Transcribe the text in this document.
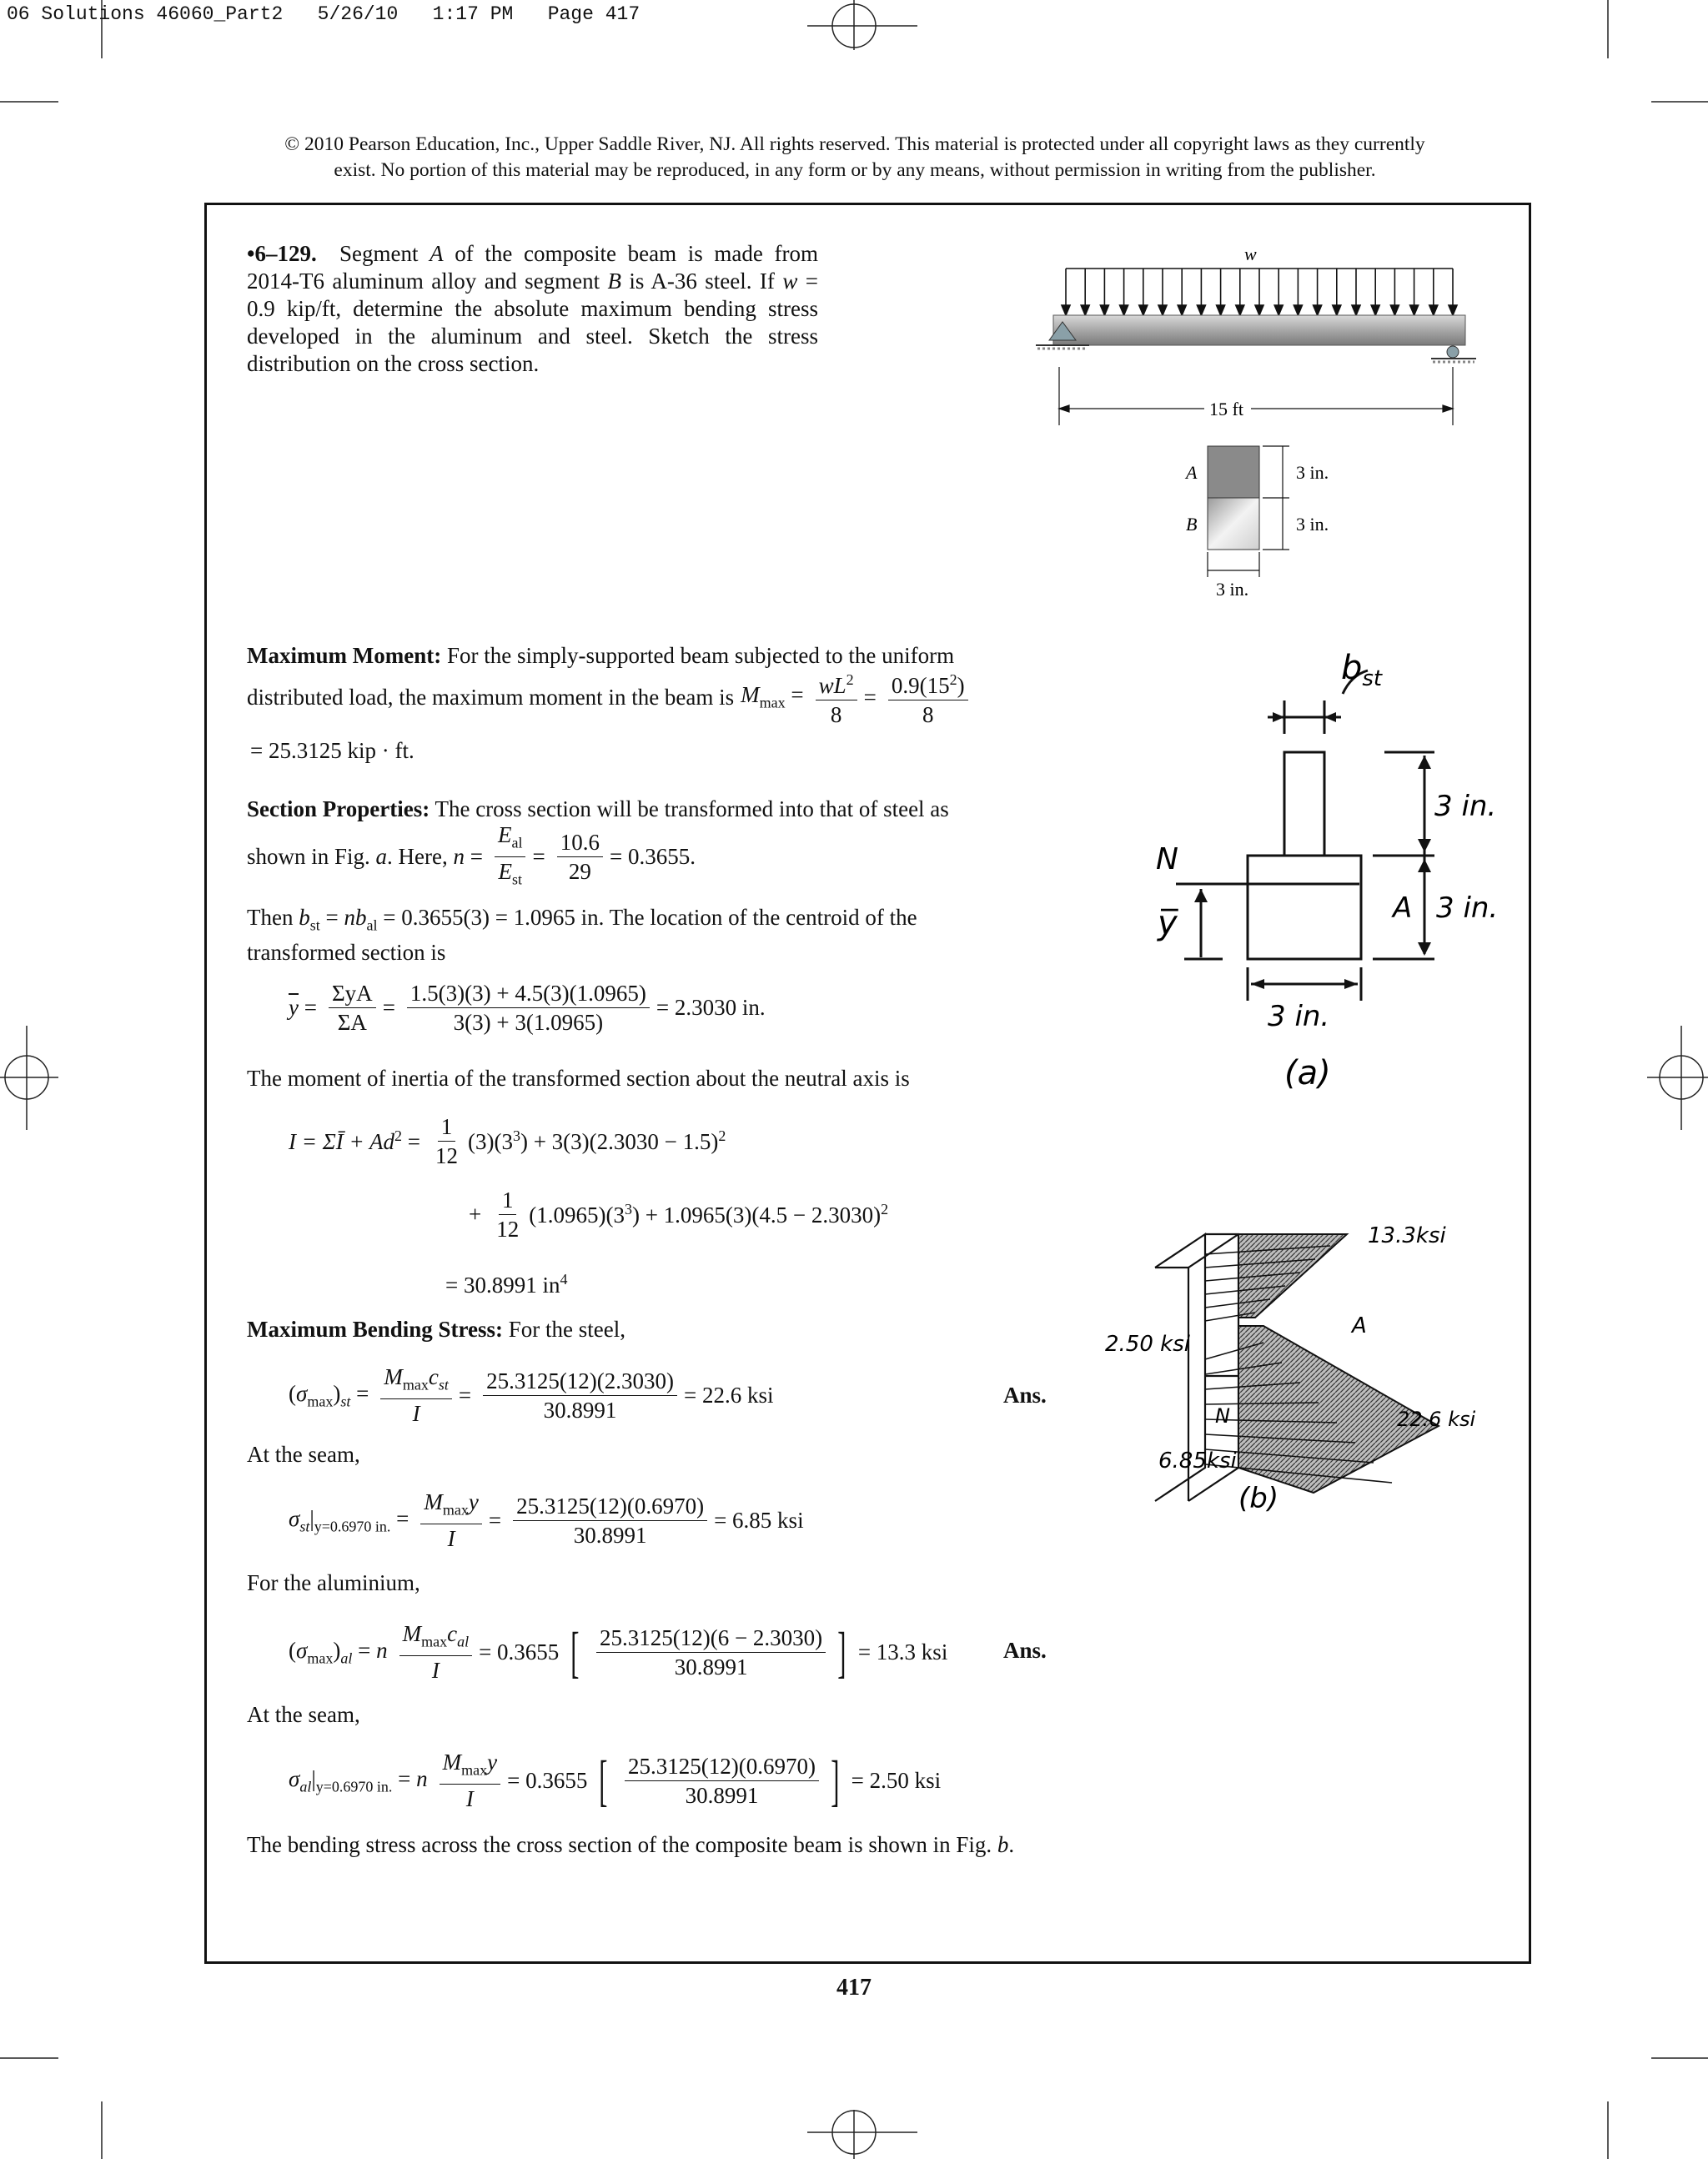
06 Solutions 46060_Part2   5/26/10   1:17 PM   Page 417
© 2010 Pearson Education, Inc., Upper Saddle River, NJ. All rights reserved. This material is protected under all copyright laws as they currently
exist. No portion of this material may be reproduced, in any form or by any means, without permission in writing from the publisher.
•6–129. Segment A of the composite beam is made from 2014-T6 aluminum alloy and segment B is A-36 steel. If w = 0.9 kip/ft, determine the absolute maximum bending stress developed in the aluminum and steel. Sketch the stress distribution on the cross section.
w
15 ft
A
B
3 in.
3 in.
3 in.
Maximum Moment: For the simply-supported beam subjected to the uniform
distributed load, the maximum moment in the beam is $M_{max} = \frac{wL^2}{8} = \frac{0.9(15^2)}{8}$
= 25.3125 kip · ft.
Section Properties: The cross section will be transformed into that of steel as
shown in Fig. a. Here, $n = \frac{E_{al}}{E_{st}} = \frac{10.6}{29} = 0.3655$.
Then $b_{st} = nb_{al} = 0.3655(3) = 1.0965$ in. The location of the centroid of the
transformed section is
$\overline{y} = \frac{\text{ΣyA}}{\Sigma A} = \frac{1.5(3)(3) + 4.5(3)(1.0965)}{3(3) + 3(1.0965)} = 2.3030$ in.
The moment of inertia of the transformed section about the neutral axis is
I = ΣĪ + $Ad^2 = \frac{1}{12} (3)(3^3) + 3(3)(2.3030 - 1.5)^2$
+ $\frac{1}{12} (1.0965)(3^3) + 1.0965(3)(4.5 - 2.3030)^2$
= 30.8991 $in^4$
Maximum Bending Stress: For the steel,
$(\sigma_{max})_{st} = \frac{M_{max}c_{st}}{I} = \frac{25.3125(12)(2.3030)}{30.8991} = 22.6$ ksi	Ans.
At the seam,
$\sigma_{st}|_{y=0.6970 in.} = \frac{M_{max}y}{I} = \frac{25.3125(12)(0.6970)}{30.8991} = 6.85$ ksi
For the aluminium,
$(\sigma_{max})_{al} = n \frac{M_{max}c_{al}}{I} = 0.3655$ [ $\frac{25.3125(12)(6 - 2.3030)}{30.8991}$ ] = 13.3 ksi Ans.
At the seam,
$\sigma_{al}|_{y=0.6970 in.} = n \frac{M_{max}y}{I} = 0.3655$ [ $\frac{25.3125(12)(0.6970)}{30.8991}$ ] = 2.50 ksi
The bending stress across the cross section of the composite beam is shown in Fig. b.
$b_{st}$
3 in.
A 3 in.
N
y̅
3 in.
(a)
13.3ksi
2.50 ksi
22.6 ksi
6.85ksi
A
N
(b)
417
